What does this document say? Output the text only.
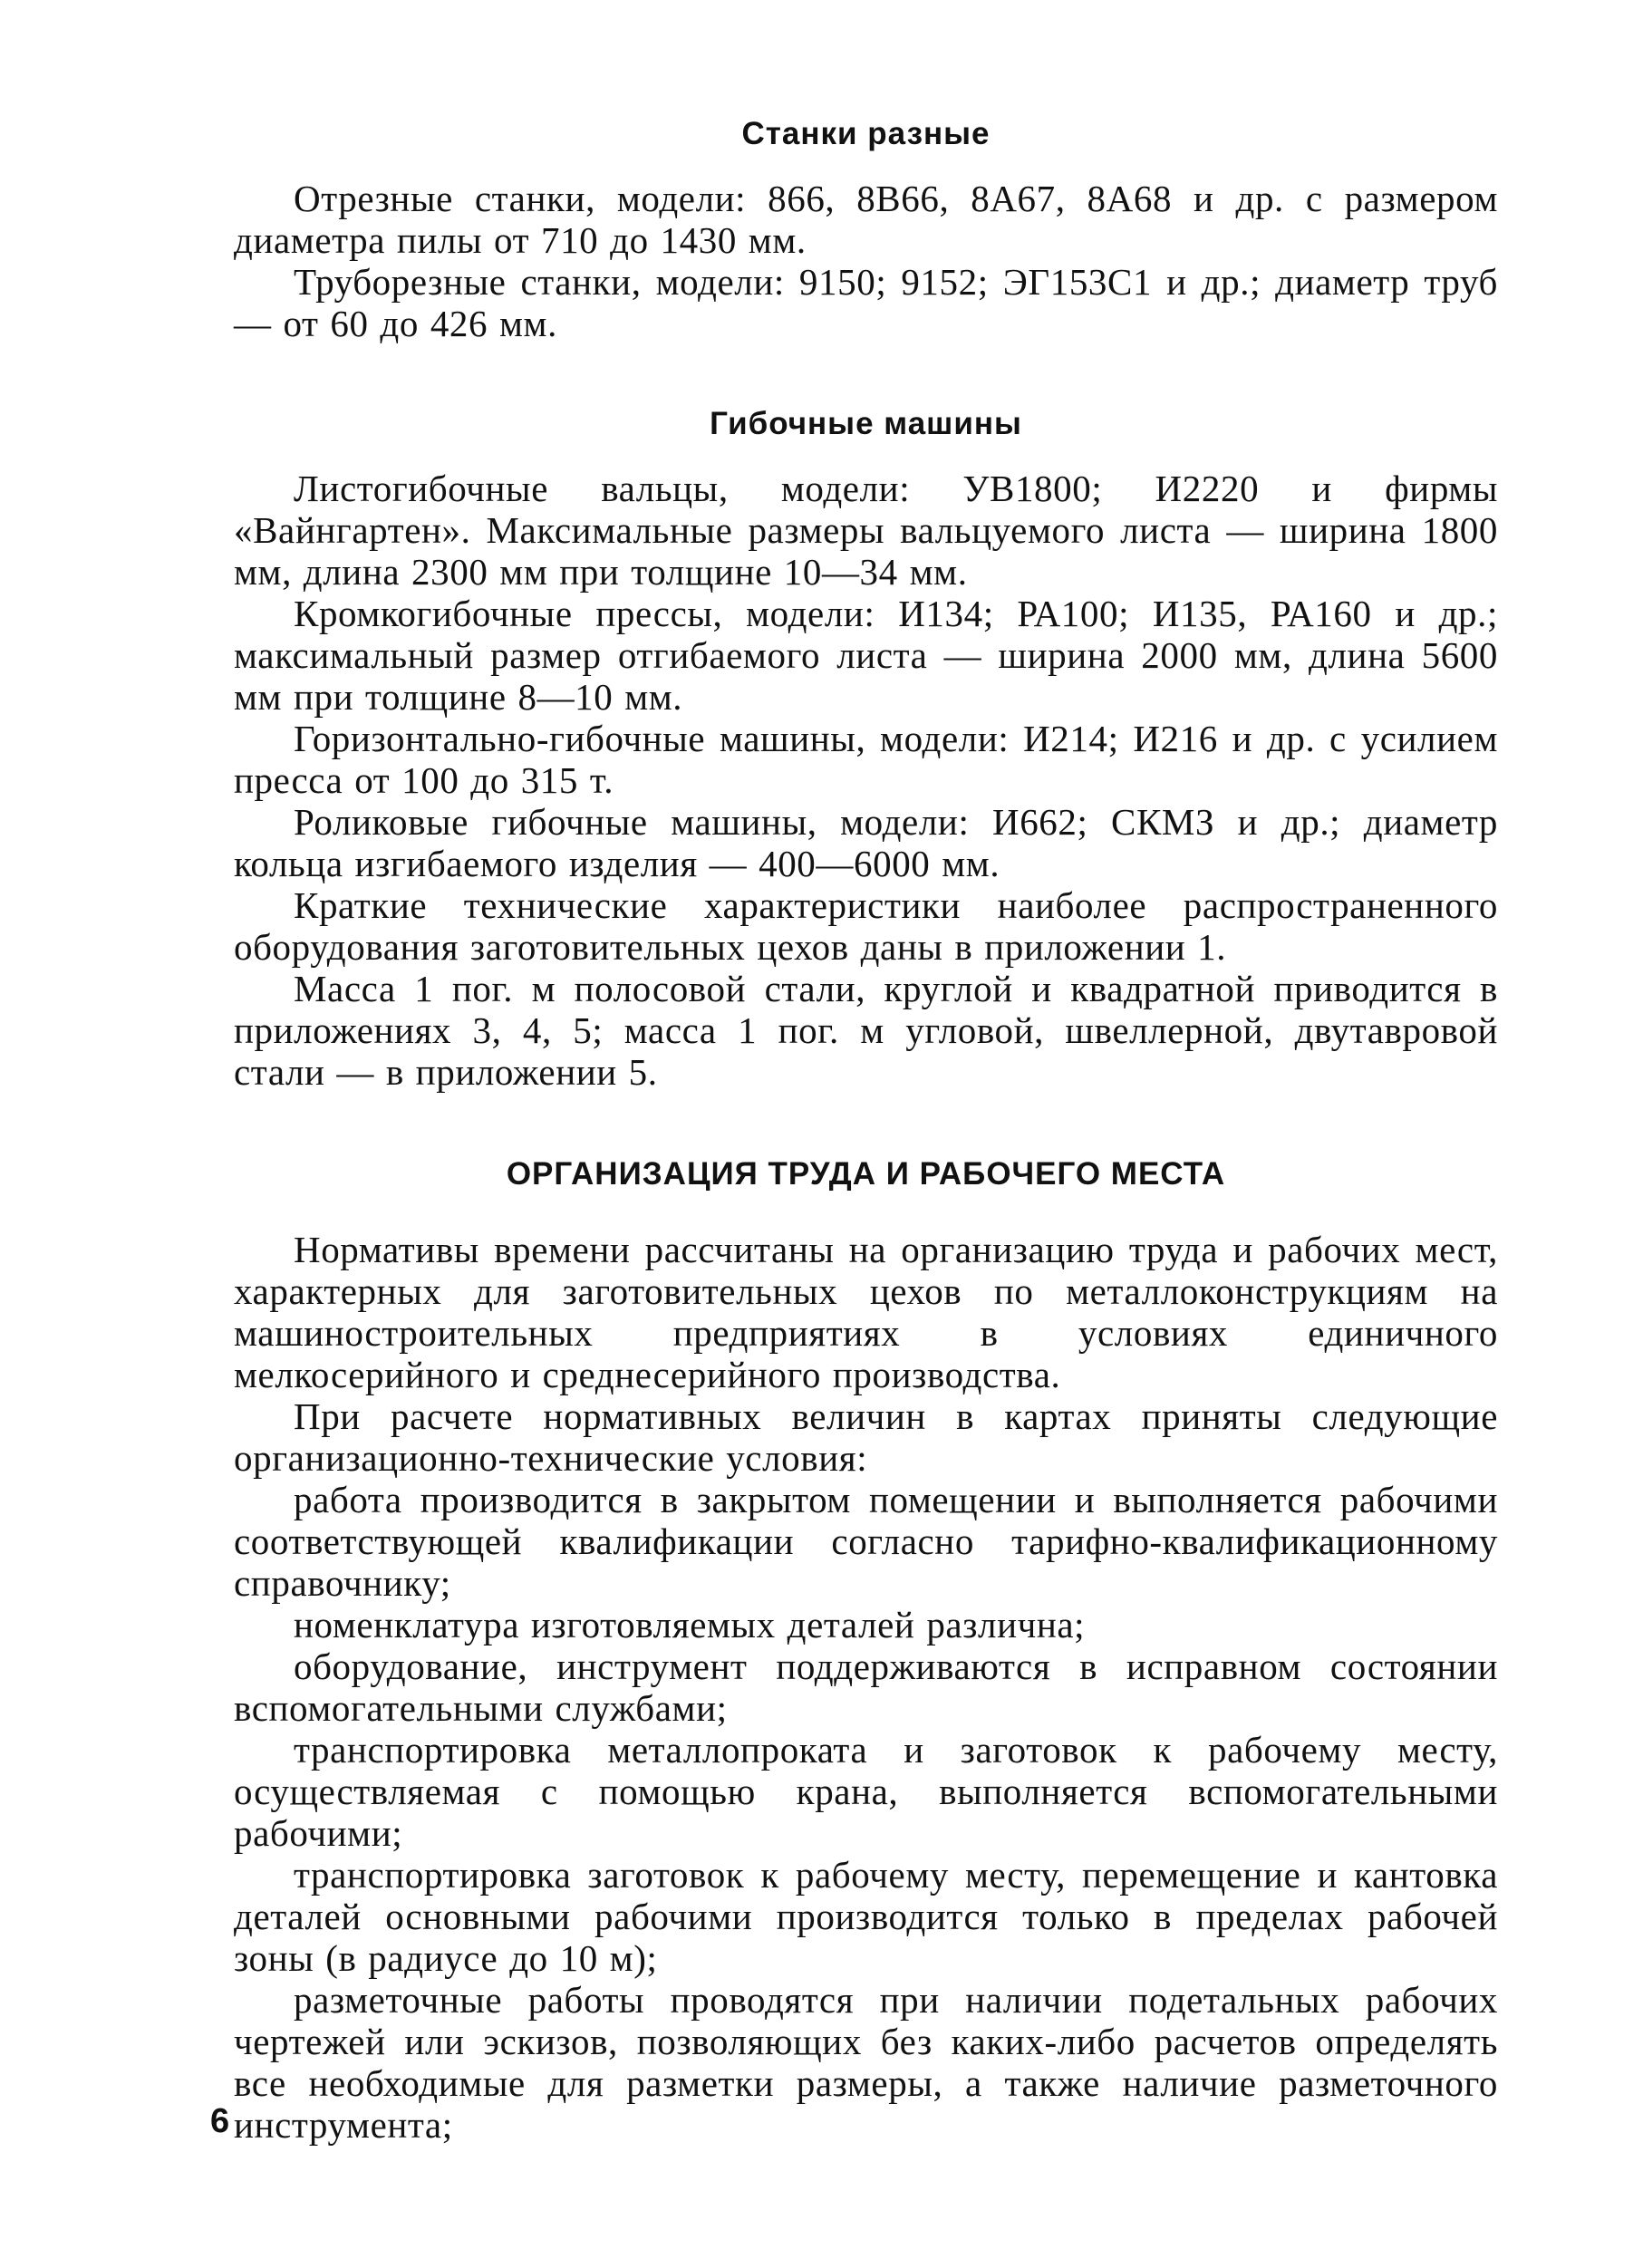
Станки разные

Отрезные станки, модели: 866, 8В66, 8А67, 8А68 и др. с размером диаметра пилы от 710 до 1430 мм.

Труборезные станки, модели: 9150; 9152; ЭГ153С1 и др.; диаметр труб — от 60 до 426 мм.

Гибочные машины

Листогибочные вальцы, модели: УВ1800; И2220 и фирмы «Вайнгартен». Максимальные размеры вальцуемого листа — ширина 1800 мм, длина 2300 мм при толщине 10—34 мм.

Кромкогибочные прессы, модели: И134; РА100; И135, РА160 и др.; максимальный размер отгибаемого листа — ширина 2000 мм, длина 5600 мм при толщине 8—10 мм.

Горизонтально-гибочные машины, модели: И214; И216 и др. с усилием пресса от 100 до 315 т.

Роликовые гибочные машины, модели: И662; СКМЗ и др.; диаметр кольца изгибаемого изделия — 400—6000 мм.

Краткие технические характеристики наиболее распространенного оборудования заготовительных цехов даны в приложении 1.

Масса 1 пог. м полосовой стали, круглой и квадратной приводится в приложениях 3, 4, 5; масса 1 пог. м угловой, швеллерной, двутавровой стали — в приложении 5.

ОРГАНИЗАЦИЯ ТРУДА И РАБОЧЕГО МЕСТА

Нормативы времени рассчитаны на организацию труда и рабочих мест, характерных для заготовительных цехов по металлоконструкциям на машиностроительных предприятиях в условиях единичного мелкосерийного и среднесерийного производства.

При расчете нормативных величин в картах приняты следующие организационно-технические условия:

работа производится в закрытом помещении и выполняется рабочими соответствующей квалификации согласно тарифно-квалификационному справочнику;

номенклатура изготовляемых деталей различна;

оборудование, инструмент поддерживаются в исправном состоянии вспомогательными службами;

транспортировка металлопроката и заготовок к рабочему месту, осуществляемая с помощью крана, выполняется вспомогательными рабочими;

транспортировка заготовок к рабочему месту, перемещение и кантовка деталей основными рабочими производится только в пределах рабочей зоны (в радиусе до 10 м);

разметочные работы проводятся при наличии подетальных рабочих чертежей или эскизов, позволяющих без каких-либо расчетов определять все необходимые для разметки размеры, а также наличие разметочного инструмента;

6
